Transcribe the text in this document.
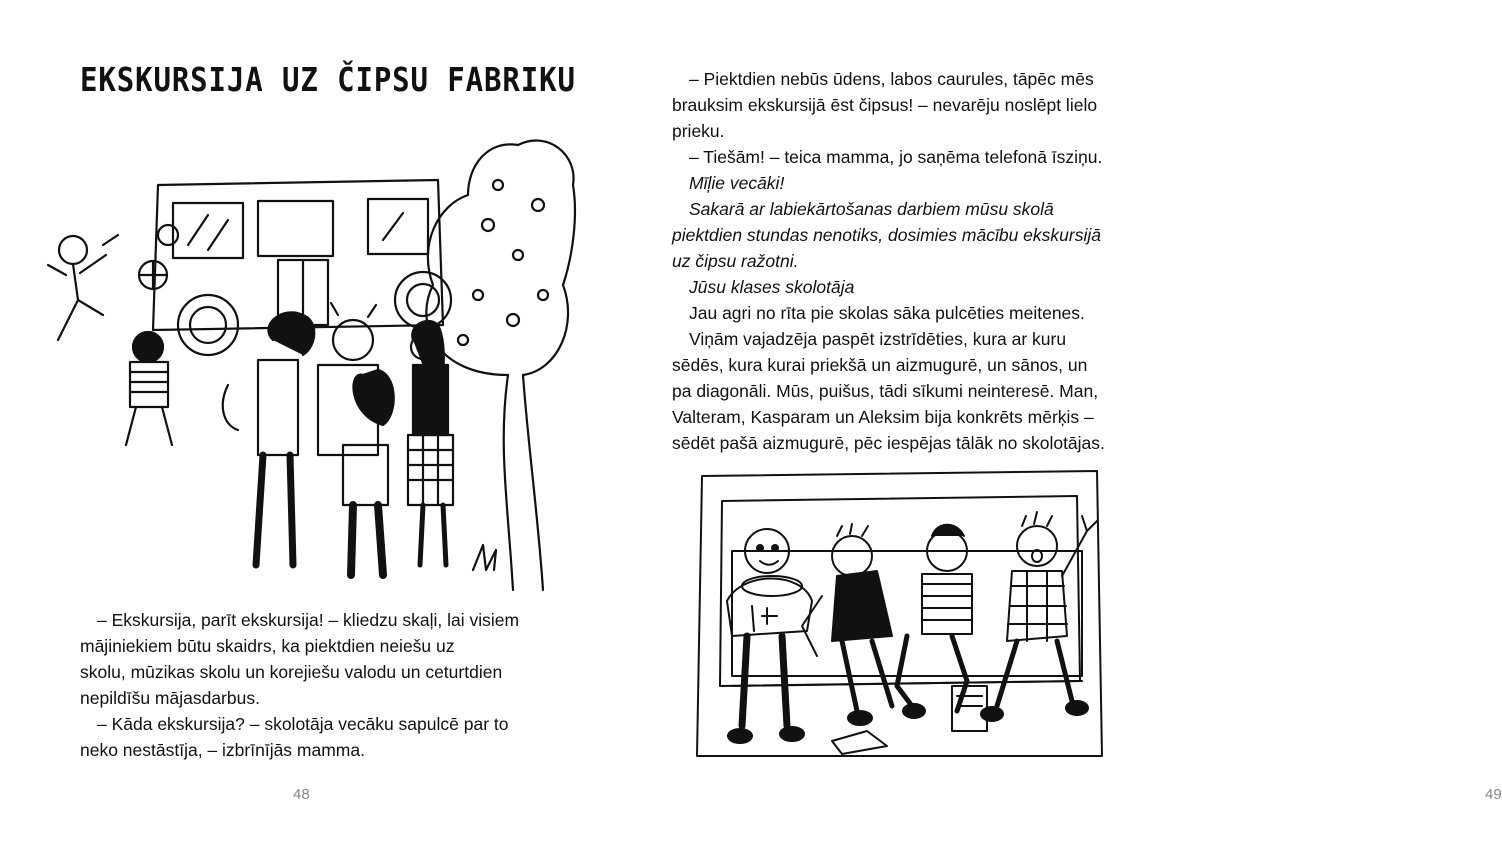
EKSKURSIJA UZ ČIPSU FABRIKU

– Ekskursija, parīt ekskursija! – kliedzu skaļi, lai visiem

mājiniekiem būtu skaidrs, ka piektdien neiešu uz

skolu, mūzikas skolu un korejiešu valodu un ceturtdien

nepildīšu mājasdarbus.

– Kāda ekskursija? – skolotāja vecāku sapulcē par to

neko nestāstīja, – izbrīnījās mamma.

48	49

– Piektdien nebūs ūdens, labos caurules, tāpēc mēs

brauksim ekskursijā ēst čipsus! – nevarēju noslēpt lielo

prieku.

– Tiešām! – teica mamma, jo saņēma telefonā īsziņu.

Mīļie vecāki!

Sakarā ar labiekārtošanas darbiem mūsu skolā

piektdien stundas nenotiks, dosimies mācību ekskursijā

uz čipsu ražotni.

Jūsu klases skolotāja

Jau agri no rīta pie skolas sāka pulcēties meitenes.

Viņām vajadzēja paspēt izstrīdēties, kura ar kuru

sēdēs, kura kurai priekšā un aizmugurē, un sānos, un

pa diagonāli. Mūs, puišus, tādi sīkumi neinteresē. Man,

Valteram, Kasparam un Aleksim bija konkrēts mērķis –

sēdēt pašā aizmugurē, pēc iespējas tālāk no skolotājas.
